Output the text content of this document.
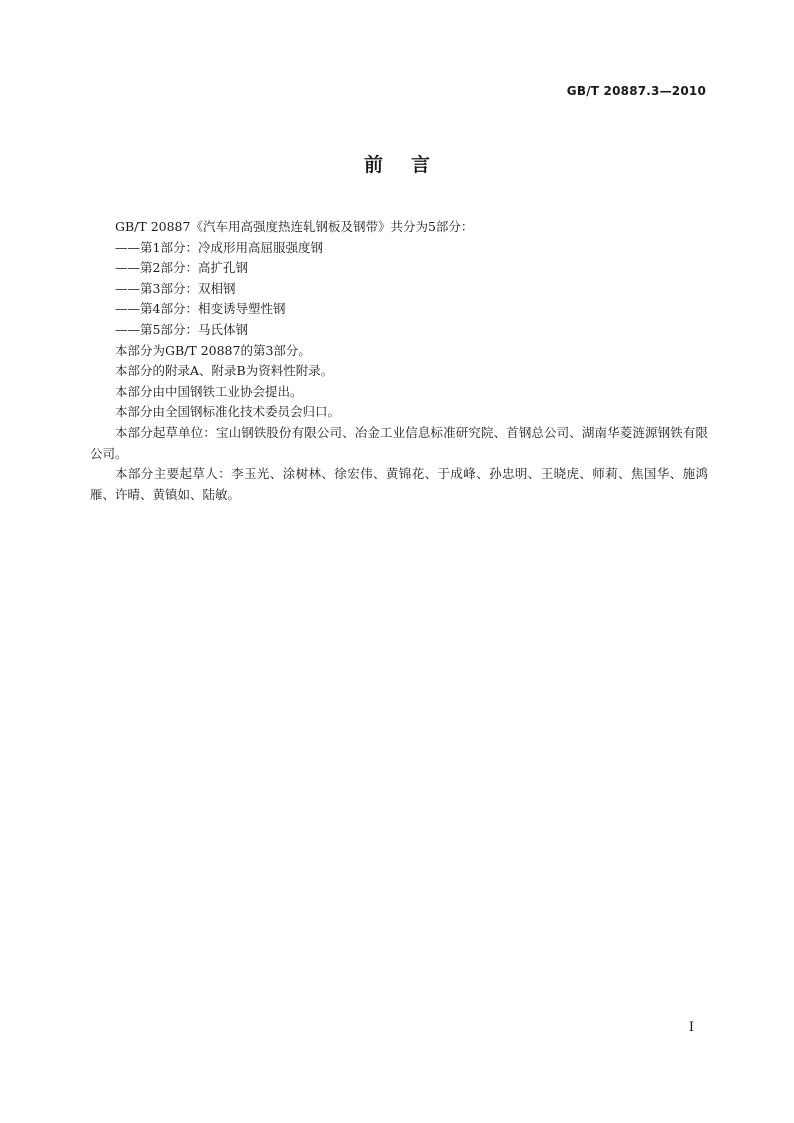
GB/T 20887.3—2010
前言

GB/T 20887《汽车用高强度热连轧钢板及钢带》共分为5部分：

——第1部分：冷成形用高屈服强度钢

——第2部分：高扩孔钢

——第3部分：双相钢

——第4部分：相变诱导塑性钢

——第5部分：马氏体钢

本部分为GB/T 20887的第3部分。

本部分的附录A、附录B为资料性附录。

本部分由中国钢铁工业协会提出。

本部分由全国钢标准化技术委员会归口。

本部分起草单位：宝山钢铁股份有限公司、冶金工业信息标准研究院、首钢总公司、湖南华菱涟源钢铁有限公司。

本部分主要起草人：李玉光、涂树林、徐宏伟、黄锦花、于成峰、孙忠明、王晓虎、师莉、焦国华、施鸿雁、许晴、黄镇如、陆敏。

I
